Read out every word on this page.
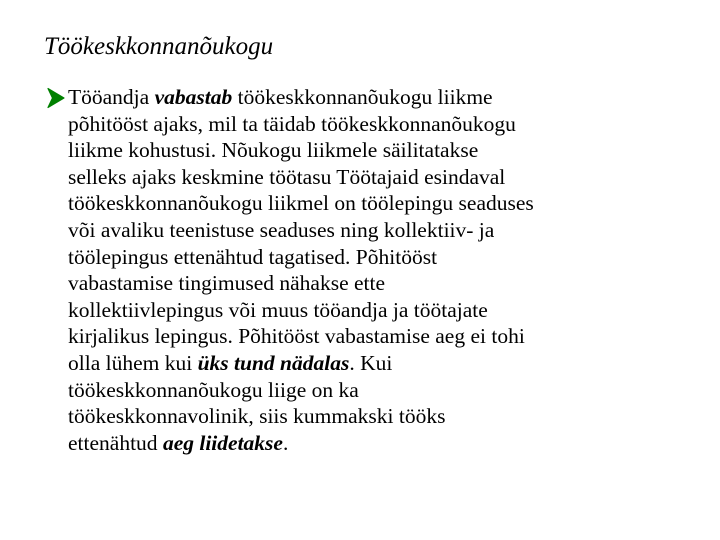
Töökeskkonnanõukogu
Tööandja vabastab töökeskkonnanõukogu liikme
põhitööst ajaks, mil ta täidab töökeskkonnanõukogu
liikme kohustusi. Nõukogu liikmele säilitatakse
selleks ajaks keskmine töötasu Töötajaid esindaval
töökeskkonnanõukogu liikmel on töölepingu seaduses
või avaliku teenistuse seaduses ning kollektiiv- ja
töölepingus ettenähtud tagatised. Põhitööst
vabastamise tingimused nähakse ette
kollektiivlepingus või muus tööandja ja töötajate
kirjalikus lepingus. Põhitööst vabastamise aeg ei tohi
olla lühem kui üks tund nädalas. Kui
töökeskkonnanõukogu liige on ka
töökeskkonnavolinik, siis kummakski tööks
ettenähtud aeg liidetakse.
